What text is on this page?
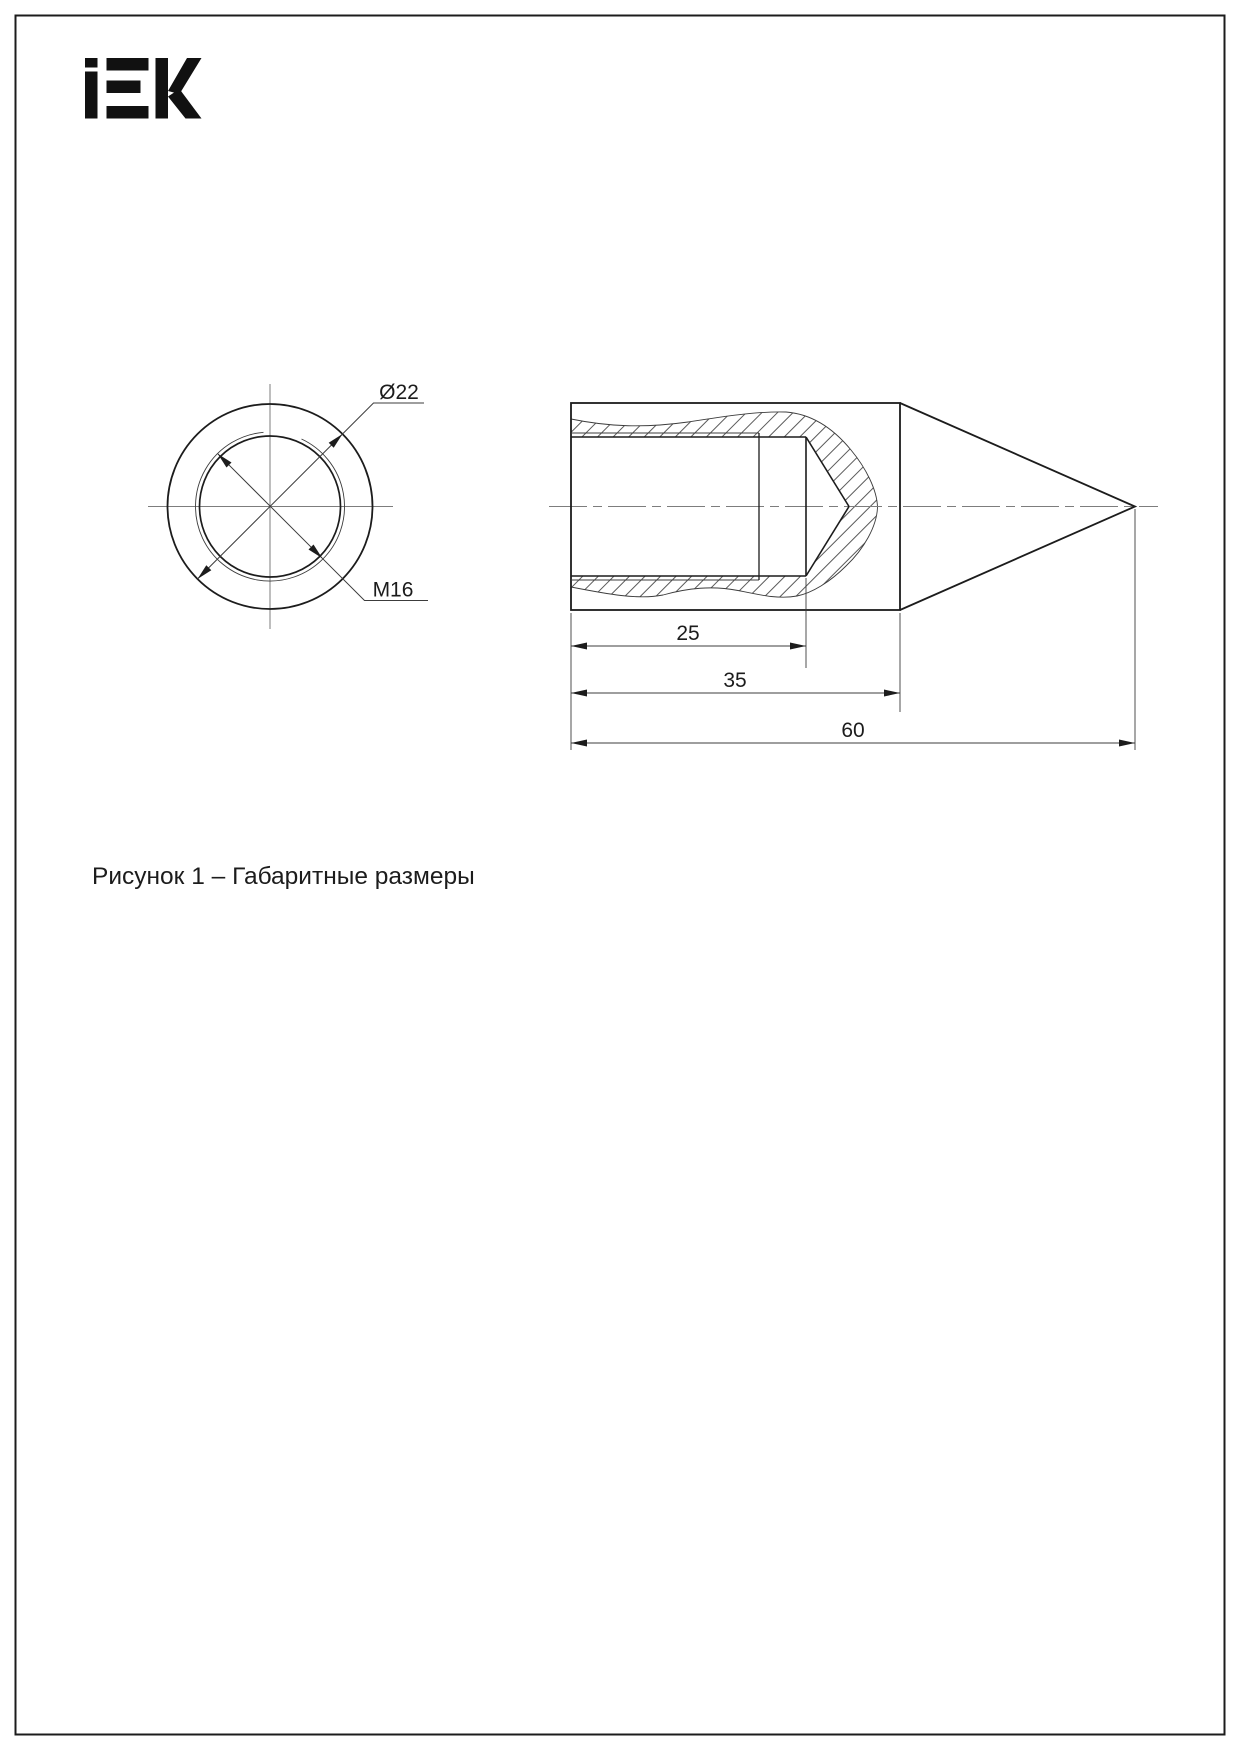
Ø22
M16
25
35
60
Рисунок 1 – Габаритные размеры
